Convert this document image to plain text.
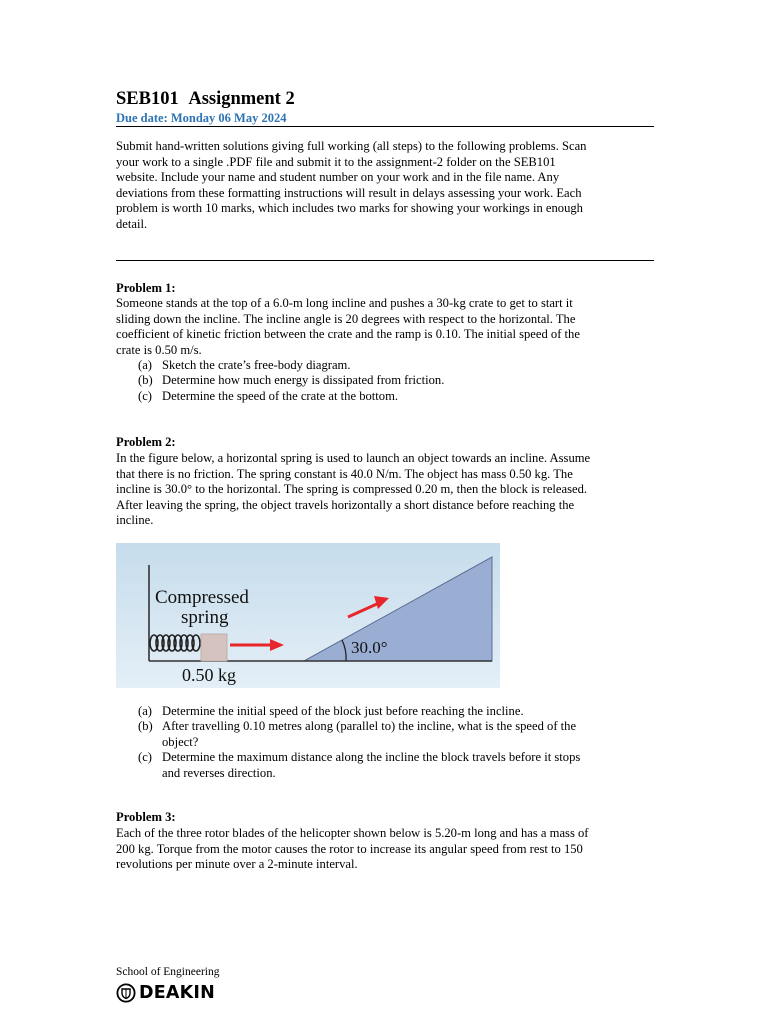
SEB101 Assignment 2
Due date: Monday 06 May 2024
Submit hand-written solutions giving full working (all steps) to the following problems. Scan
your work to a single .PDF file and submit it to the assignment-2 folder on the SEB101
website. Include your name and student number on your work and in the file name. Any
deviations from these formatting instructions will result in delays assessing your work. Each
problem is worth 10 marks, which includes two marks for showing your workings in enough
detail.
Problem 1:
Someone stands at the top of a 6.0-m long incline and pushes a 30-kg crate to get to start it
sliding down the incline. The incline angle is 20 degrees with respect to the horizontal. The
coefficient of kinetic friction between the crate and the ramp is 0.10. The initial speed of the
crate is 0.50 m/s.
(a) Sketch the crate’s free-body diagram.
(b) Determine how much energy is dissipated from friction.
(c) Determine the speed of the crate at the bottom.
Problem 2:
In the figure below, a horizontal spring is used to launch an object towards an incline. Assume
that there is no friction. The spring constant is 40.0 N/m. The object has mass 0.50 kg. The
incline is 30.0° to the horizontal. The spring is compressed 0.20 m, then the block is released.
After leaving the spring, the object travels horizontally a short distance before reaching the
incline.
30.0°
Compressed
spring
0.50 kg
(a) Determine the initial speed of the block just before reaching the incline.
(b) After travelling 0.10 metres along (parallel to) the incline, what is the speed of the
object?
(c) Determine the maximum distance along the incline the block travels before it stops
and reverses direction.
Problem 3:
Each of the three rotor blades of the helicopter shown below is 5.20-m long and has a mass of
200 kg. Torque from the motor causes the rotor to increase its angular speed from rest to 150
revolutions per minute over a 2-minute interval.
School of Engineering
DEAKIN
